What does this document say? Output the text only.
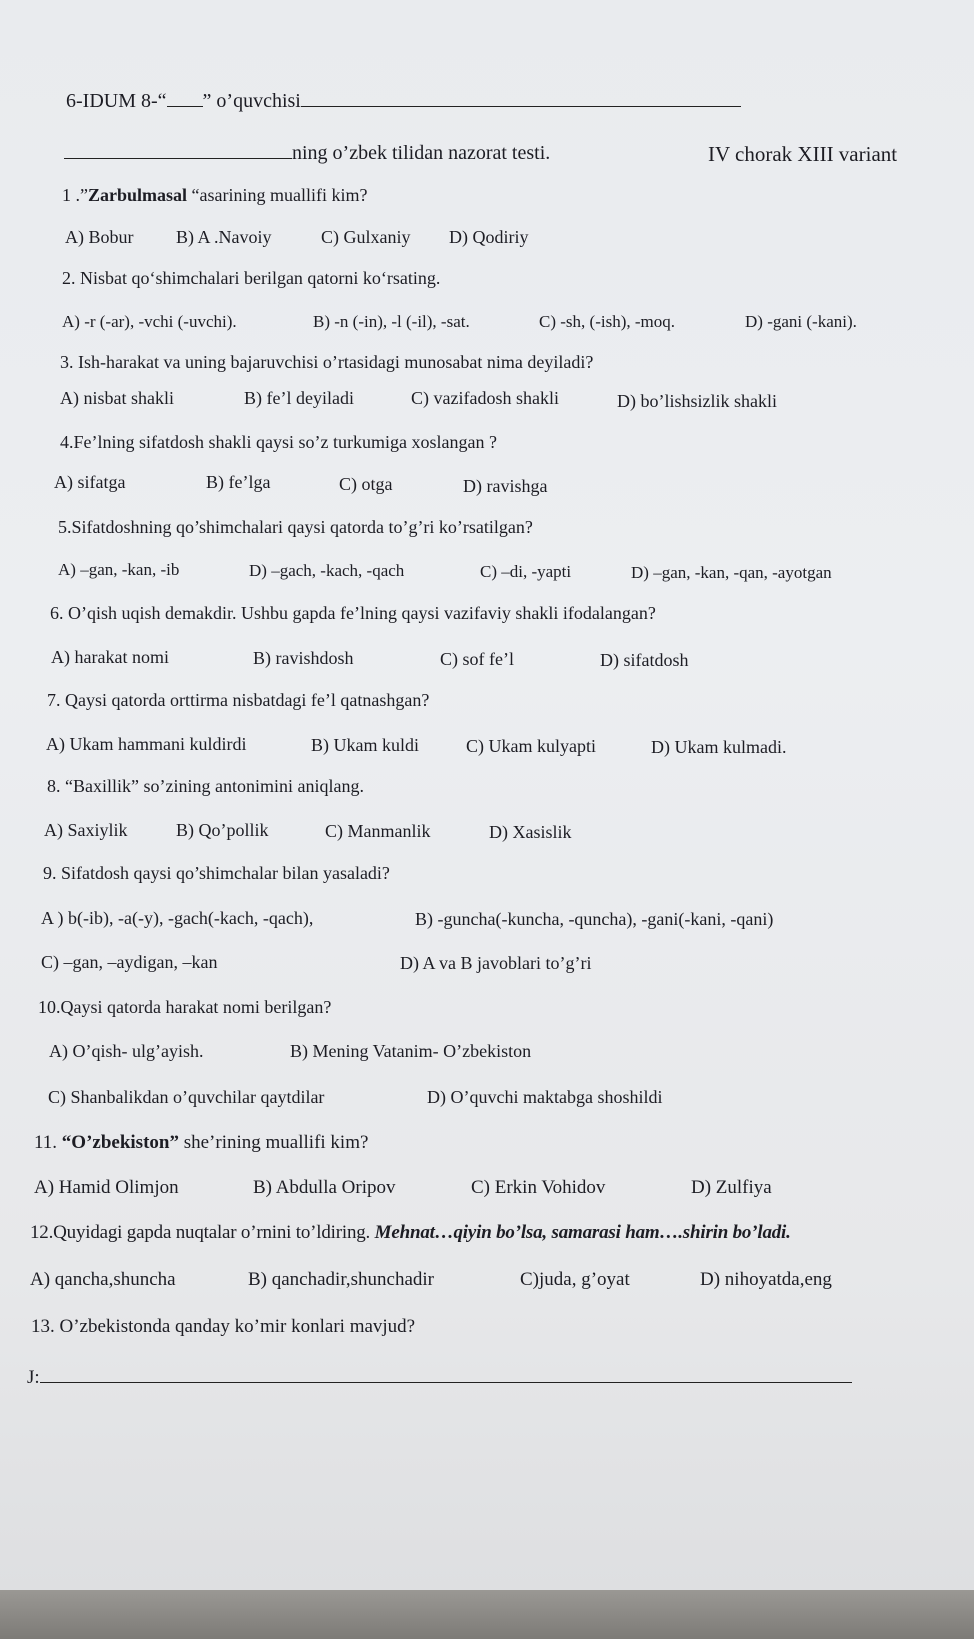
6-IDUM 8-“ ” o’quvchisi
ning o’zbek tilidan nazorat testi.	IV chorak XIII variant
1 .”Zarbulmasal “asarining muallifi kim?
A) Bobur B) A .Navoiy	C) Gulxaniy D) Qodiriy
2. Nisbat qo‘shimchalari berilgan qatorni ko‘rsating.
A) -r (-ar), -vchi (-uvchi).	B) -n (-in), -l (-il), -sat.	C) -sh, (-ish), -moq.	D) -gani (-kani).
3. Ish-harakat va uning bajaruvchisi o’rtasidagi munosabat nima deyiladi?
A) nisbat shakli	B) fe’l deyiladi	C) vazifadosh shakli	D) bo’lishsizlik shakli
4.Fe’lning sifatdosh shakli qaysi so’z turkumiga xoslangan ?
A) sifatga	B) fe’lga	C) otga	D) ravishga
5.Sifatdoshning qo’shimchalari qaysi qatorda to’g’ri ko’rsatilgan?
A) –gan, -kan, -ib	D) –gach, -kach, -qach	C) –di, -yapti	D) –gan, -kan, -qan, -ayotgan
6. O’qish uqish demakdir. Ushbu gapda fe’lning qaysi vazifaviy shakli ifodalangan?
A) harakat nomi	B) ravishdosh	C) sof fe’l	D) sifatdosh
7. Qaysi qatorda orttirma nisbatdagi fe’l qatnashgan?
A) Ukam hammani kuldirdi	B) Ukam kuldi	C) Ukam kulyapti	D) Ukam kulmadi.
8. “Baxillik” so’zining antonimini aniqlang.
A) Saxiylik	B) Qo’pollik	C) Manmanlik	D) Xasislik
9. Sifatdosh qaysi qo’shimchalar bilan yasaladi?
A ) b(-ib), -a(-y), -gach(-kach, -qach),	B) -guncha(-kuncha, -quncha), -gani(-kani, -qani)
C) –gan, –aydigan, –kan	D) A va B javoblari to’g’ri
10.Qaysi qatorda harakat nomi berilgan?
A) O’qish- ulg’ayish.	B) Mening Vatanim- O’zbekiston
C) Shanbalikdan o’quvchilar qaytdilar	D) O’quvchi maktabga shoshildi
11. “O’zbekiston” she’rining muallifi kim?
A) Hamid Olimjon	B) Abdulla Oripov	C) Erkin Vohidov	D) Zulfiya
12.Quyidagi gapda nuqtalar o’rnini to’ldiring. Mehnat…qiyin bo’lsa, samarasi ham….shirin bo’ladi.
A) qancha,shuncha	B) qanchadir,shunchadir	C)juda, g’oyat	D) nihoyatda,eng
13. O’zbekistonda qanday ko’mir konlari mavjud?
J:
